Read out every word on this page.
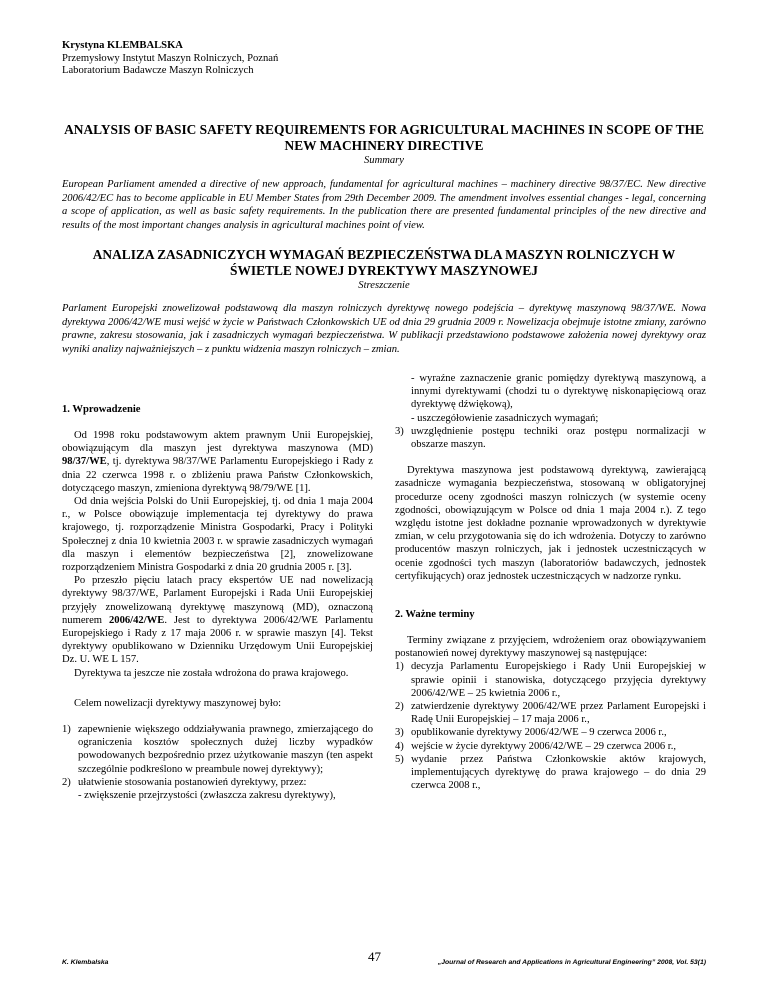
Krystyna KLEMBALSKA
Przemysłowy Instytut Maszyn Rolniczych, Poznań
Laboratorium Badawcze Maszyn Rolniczych
ANALYSIS OF BASIC SAFETY REQUIREMENTS FOR AGRICULTURAL MACHINES IN SCOPE OF THE NEW MACHINERY DIRECTIVE
Summary
European Parliament amended a directive of new approach, fundamental for agricultural machines – machinery directive 98/37/EC. New directive 2006/42/EC has to become applicable in EU Member States from 29th December 2009. The amendment involves essential changes - legal, concerning a scope of application, as well as basic safety requirements. In the publication there are presented fundamental principles of the new directive and results of the most important changes analysis in agricultural machines point of view.
ANALIZA ZASADNICZYCH WYMAGAŃ BEZPIECZEŃSTWA DLA MASZYN ROLNICZYCH W ŚWIETLE NOWEJ DYREKTYWY MASZYNOWEJ
Streszczenie
Parlament Europejski znowelizował podstawową dla maszyn rolniczych dyrektywę nowego podejścia – dyrektywę maszynową 98/37/WE. Nowa dyrektywa 2006/42/WE musi wejść w życie w Państwach Członkowskich UE od dnia 29 grudnia 2009 r. Nowelizacja obejmuje istotne zmiany, zarówno prawne, zakresu stosowania, jak i zasadniczych wymagań bezpieczeństwa. W publikacji przedstawiono podstawowe założenia nowej dyrektywy oraz wyniki analizy najważniejszych – z punktu widzenia maszyn rolniczych – zmian.
1. Wprowadzenie

Od 1998 roku podstawowym aktem prawnym Unii Europejskiej, obowiązującym dla maszyn jest dyrektywa maszynowa (MD) 98/37/WE, tj. dyrektywa 98/37/WE Parlamentu Europejskiego i Rady z dnia 22 czerwca 1998 r. o zbliżeniu prawa Państw Członkowskich, dotyczącego maszyn, zmieniona dyrektywą 98/79/WE [1].

Od dnia wejścia Polski do Unii Europejskiej, tj. od dnia 1 maja 2004 r., w Polsce obowiązuje implementacja tej dyrektywy do prawa krajowego, tj. rozporządzenie Ministra Gospodarki, Pracy i Polityki Społecznej z dnia 10 kwietnia 2003 r. w sprawie zasadniczych wymagań dla maszyn i elementów bezpieczeństwa [2], znowelizowane rozporządzeniem Ministra Gospodarki z dnia 20 grudnia 2005 r. [3].

Po przeszło pięciu latach pracy ekspertów UE nad nowelizacją dyrektywy 98/37/WE, Parlament Europejski i Rada Unii Europejskiej przyjęły znowelizowaną dyrektywę maszynową (MD), oznaczoną numerem 2006/42/WE. Jest to dyrektywa 2006/42/WE Parlamentu Europejskiego i Rady z 17 maja 2006 r. w sprawie maszyn [4]. Tekst dyrektywy opublikowano w Dzienniku Urzędowym Unii Europejskiej Dz. U. WE L 157.

Dyrektywa ta jeszcze nie została wdrożona do prawa krajowego.

Celem nowelizacji dyrektywy maszynowej było:

1) zapewnienie większego oddziaływania prawnego, zmierzającego do ograniczenia kosztów społecznych dużej liczby wypadków powodowanych bezpośrednio przez użytkowanie maszyn (ten aspekt szczególnie podkreślono w preambule nowej dyrektywy);
2) ułatwienie stosowania postanowień dyrektywy, przez:
- zwiększenie przejrzystości (zwłaszcza zakresu dyrektywy),
- wyraźne zaznaczenie granic pomiędzy dyrektywą maszynową, a innymi dyrektywami (chodzi tu o dyrektywę niskonapięciową oraz dyrektywę dźwiękową),
- uszczegółowienie zasadniczych wymagań;
3) uwzględnienie postępu techniki oraz postępu normalizacji w obszarze maszyn.

Dyrektywa maszynowa jest podstawową dyrektywą, zawierającą zasadnicze wymagania bezpieczeństwa, stosowaną w obligatoryjnej procedurze oceny zgodności maszyn rolniczych (w systemie oceny zgodności, obowiązującym w Polsce od dnia 1 maja 2004 r.). Z tego względu istotne jest dokładne poznanie wprowadzonych w dyrektywie zmian, w celu przygotowania się do ich wdrożenia. Dotyczy to zarówno producentów maszyn rolniczych, jak i jednostek uczestniczących w ocenie zgodności tych maszyn (laboratoriów badawczych, jednostek certyfikujących) oraz jednostek uczestniczących w nadzorze rynku.

2. Ważne terminy

Terminy związane z przyjęciem, wdrożeniem oraz obowiązywaniem postanowień nowej dyrektywy maszynowej są następujące:

1) decyzja Parlamentu Europejskiego i Rady Unii Europejskiej w sprawie opinii i stanowiska, dotyczącego przyjęcia dyrektywy 2006/42/WE – 25 kwietnia 2006 r.,
2) zatwierdzenie dyrektywy 2006/42/WE przez Parlament Europejski i Radę Unii Europejskiej – 17 maja 2006 r.,
3) opublikowanie dyrektywy 2006/42/WE – 9 czerwca 2006 r.,
4) wejście w życie dyrektywy 2006/42/WE – 29 czerwca 2006 r.,
5) wydanie przez Państwa Członkowskie aktów krajowych, implementujących dyrektywę do prawa krajowego – do dnia 29 czerwca 2008 r.,
K. Klembalska	47	„Journal of Research and Applications in Agricultural Engineering” 2008, Vol. 53(1)
